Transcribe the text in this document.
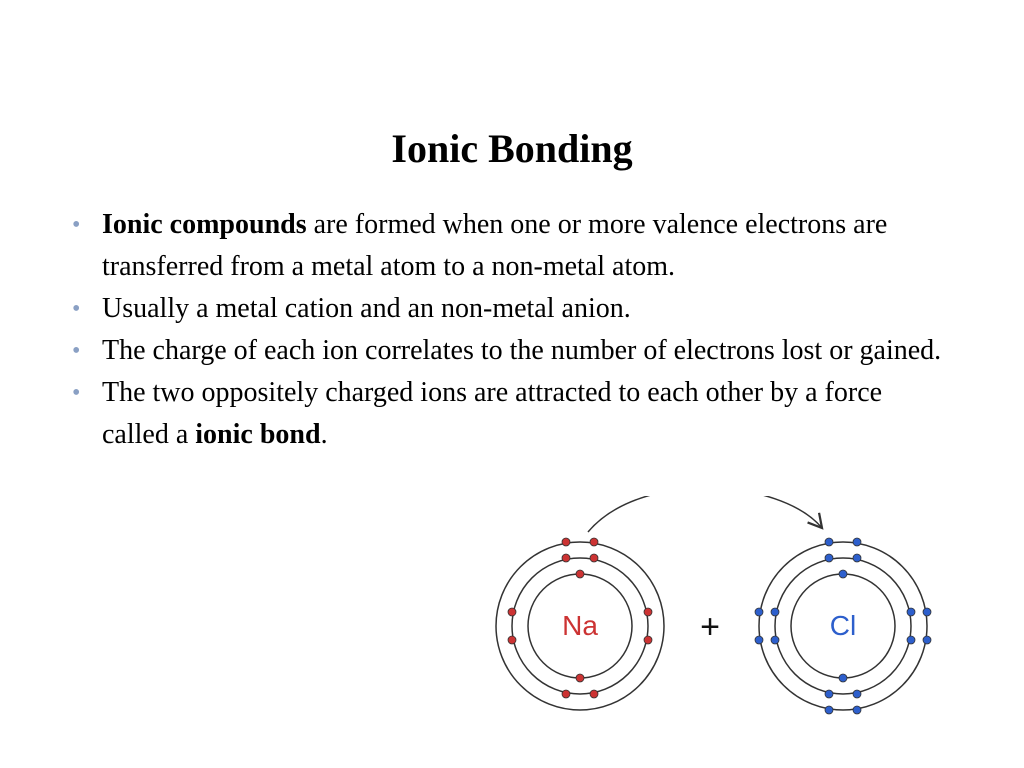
Ionic Bonding
• Ionic compounds are formed when one or more valence electrons are transferred from a metal atom to a non-metal atom.
• Usually a metal cation and an non-metal anion.
• The charge of each ion correlates to the number of electrons lost or gained.
• The two oppositely charged ions are attracted to each other by a force called a ionic bond.
Na	+	Cl
